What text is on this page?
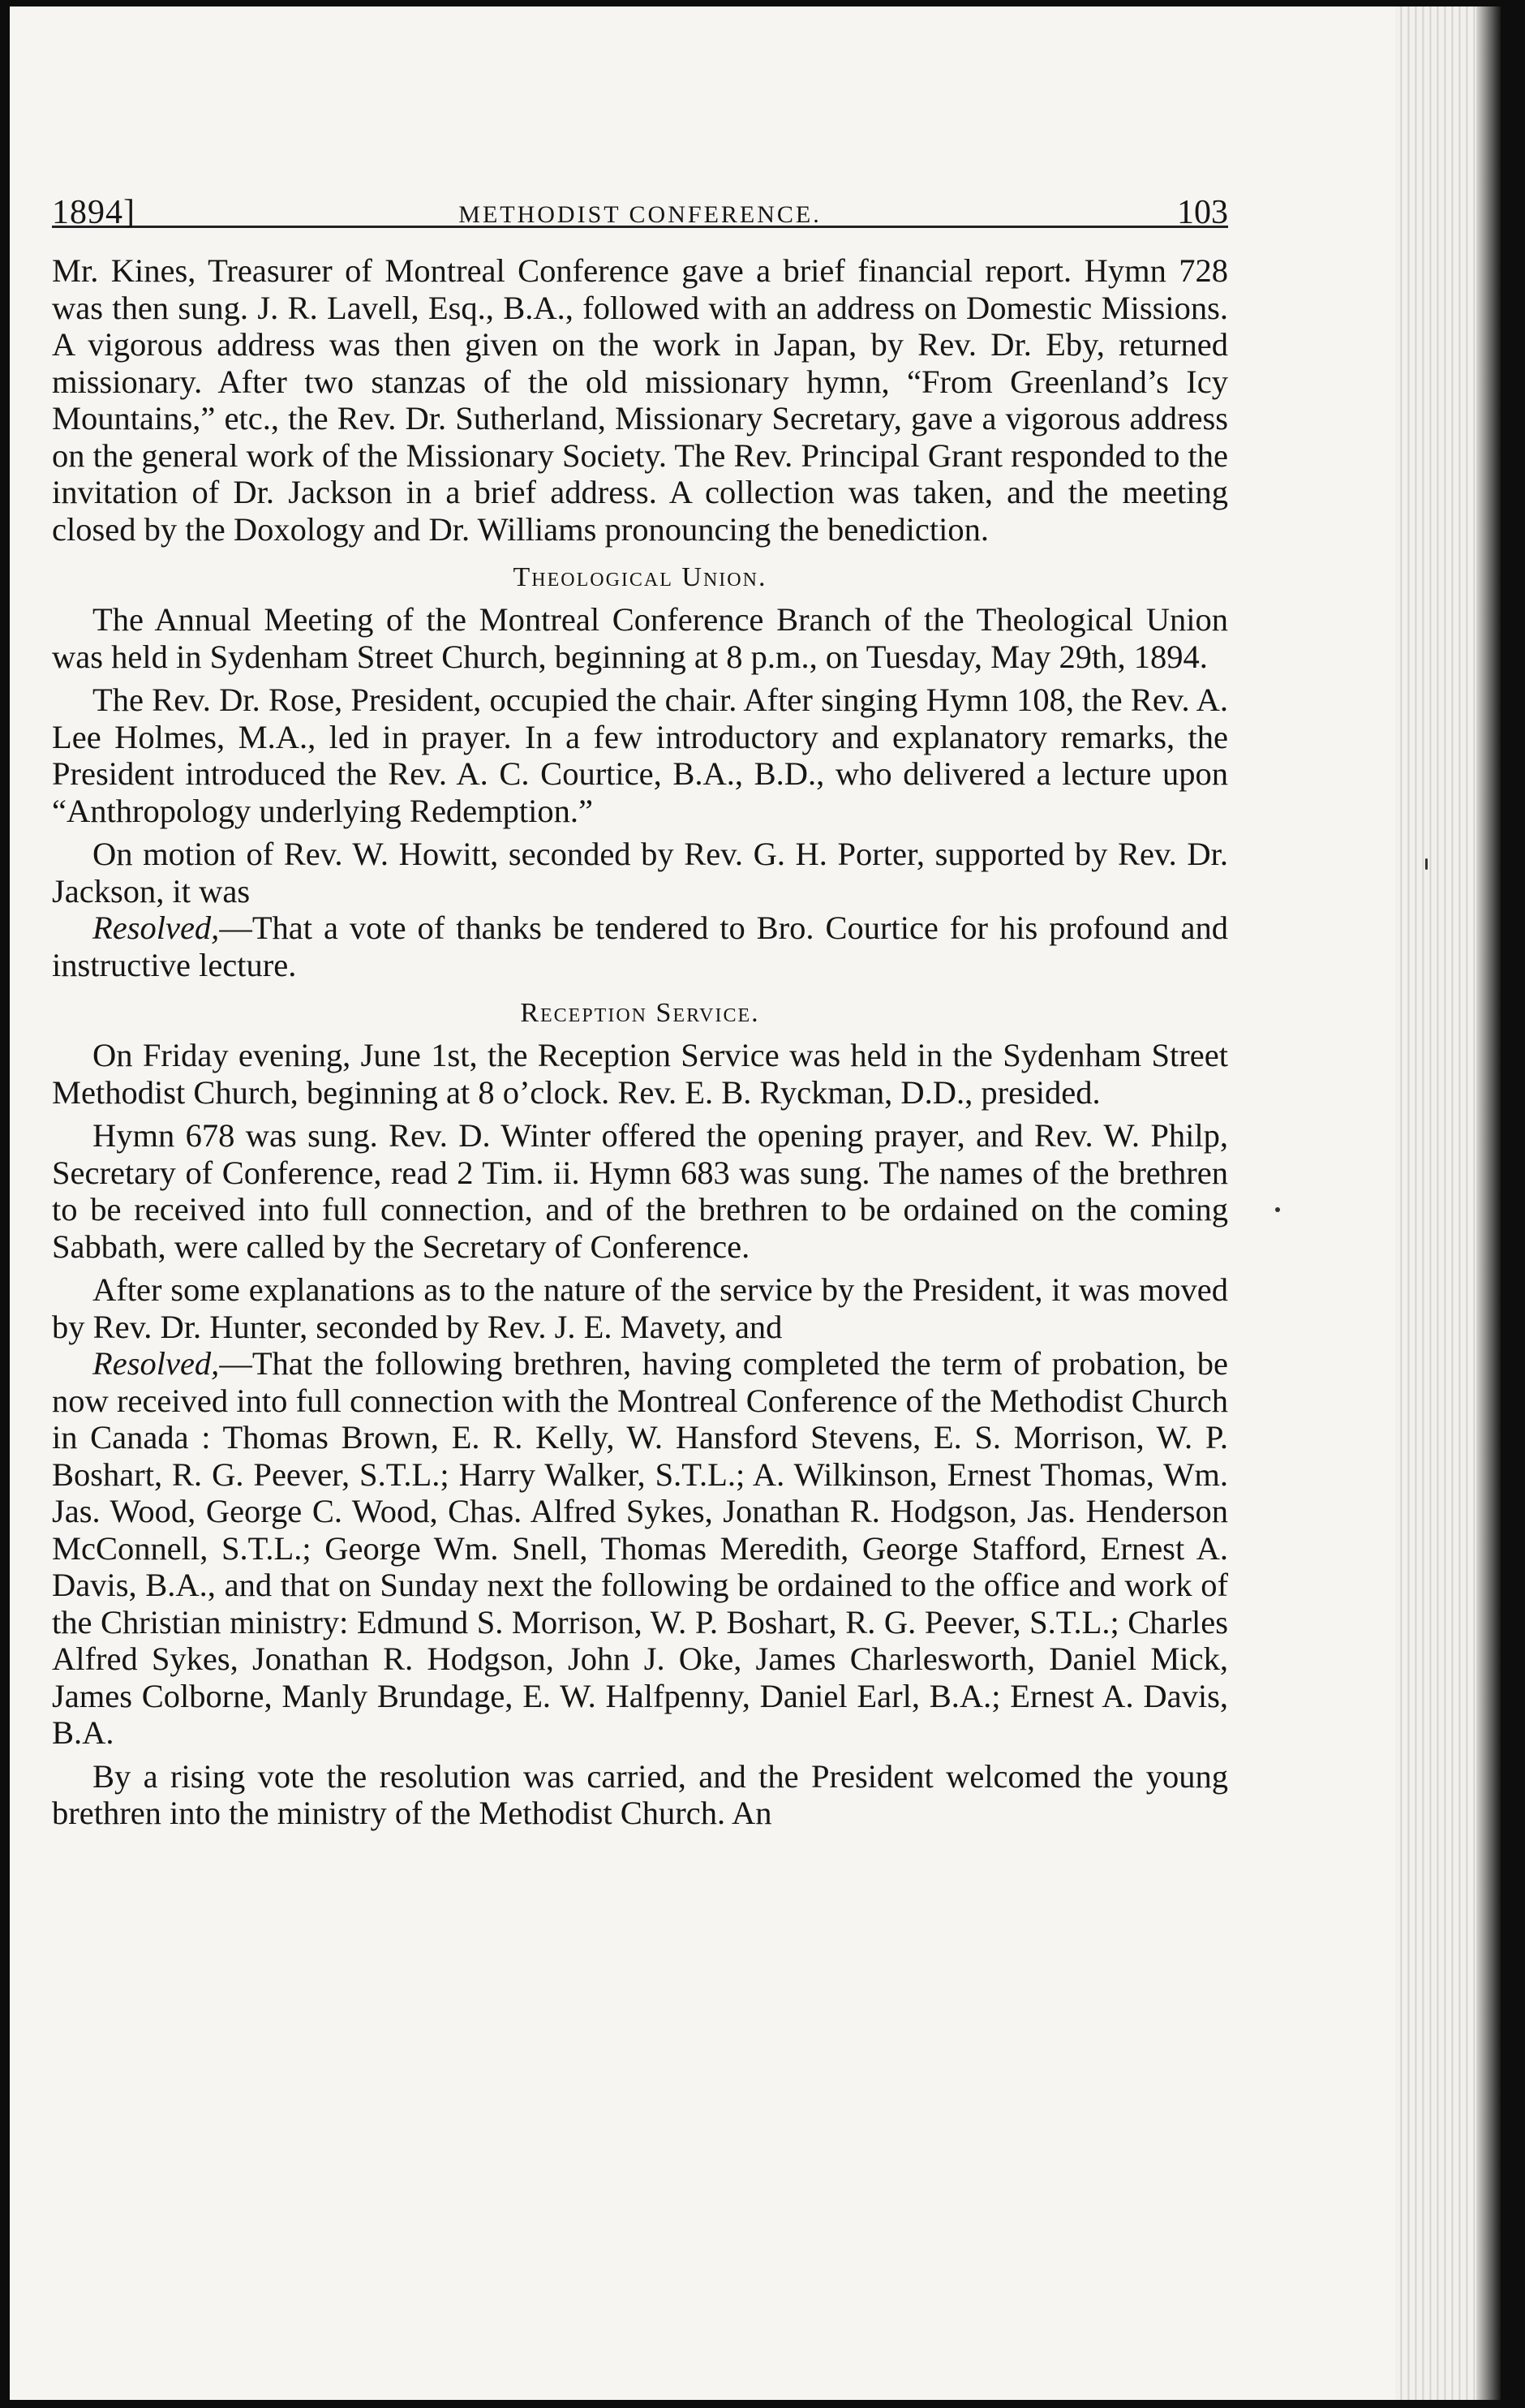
1894]	METHODIST CONFERENCE.	103

Mr. Kines, Treasurer of Montreal Conference gave a brief financial report. Hymn 728 was then sung. J. R. Lavell, Esq., B.A., followed with an address on Domestic Missions. A vigorous address was then given on the work in Japan, by Rev. Dr. Eby, returned missionary. After two stanzas of the old missionary hymn, “From Greenland’s Icy Mountains,” etc., the Rev. Dr. Sutherland, Missionary Secretary, gave a vigorous address on the general work of the Missionary Society. The Rev. Principal Grant responded to the invitation of Dr. Jackson in a brief address. A collection was taken, and the meeting closed by the Doxology and Dr. Williams pronouncing the benediction.

Theological Union.

The Annual Meeting of the Montreal Conference Branch of the Theological Union was held in Sydenham Street Church, beginning at 8 p.m., on Tuesday, May 29th, 1894.

The Rev. Dr. Rose, President, occupied the chair. After singing Hymn 108, the Rev. A. Lee Holmes, M.A., led in prayer. In a few introductory and explanatory remarks, the President introduced the Rev. A. C. Courtice, B.A., B.D., who delivered a lecture upon “Anthropology underlying Redemption.”

On motion of Rev. W. Howitt, seconded by Rev. G. H. Porter, supported by Rev. Dr. Jackson, it was

Resolved,—That a vote of thanks be tendered to Bro. Courtice for his profound and instructive lecture.

Reception Service.

On Friday evening, June 1st, the Reception Service was held in the Sydenham Street Methodist Church, beginning at 8 o’clock. Rev. E. B. Ryckman, D.D., presided.

Hymn 678 was sung. Rev. D. Winter offered the opening prayer, and Rev. W. Philp, Secretary of Conference, read 2 Tim. ii. Hymn 683 was sung. The names of the brethren to be received into full connection, and of the brethren to be ordained on the coming Sabbath, were called by the Secretary of Conference.

After some explanations as to the nature of the service by the President, it was moved by Rev. Dr. Hunter, seconded by Rev. J. E. Mavety, and

Resolved,—That the following brethren, having completed the term of probation, be now received into full connection with the Montreal Conference of the Methodist Church in Canada : Thomas Brown, E. R. Kelly, W. Hansford Stevens, E. S. Morrison, W. P. Boshart, R. G. Peever, S.T.L.; Harry Walker, S.T.L.; A. Wilkinson, Ernest Thomas, Wm. Jas. Wood, George C. Wood, Chas. Alfred Sykes, Jonathan R. Hodgson, Jas. Henderson McConnell, S.T.L.; George Wm. Snell, Thomas Meredith, George Stafford, Ernest A. Davis, B.A., and that on Sunday next the following be ordained to the office and work of the Christian ministry: Edmund S. Morrison, W. P. Boshart, R. G. Peever, S.T.L.; Charles Alfred Sykes, Jonathan R. Hodgson, John J. Oke, James Charlesworth, Daniel Mick, James Colborne, Manly Brundage, E. W. Halfpenny, Daniel Earl, B.A.; Ernest A. Davis, B.A.

By a rising vote the resolution was carried, and the President welcomed the young brethren into the ministry of the Methodist Church. An
